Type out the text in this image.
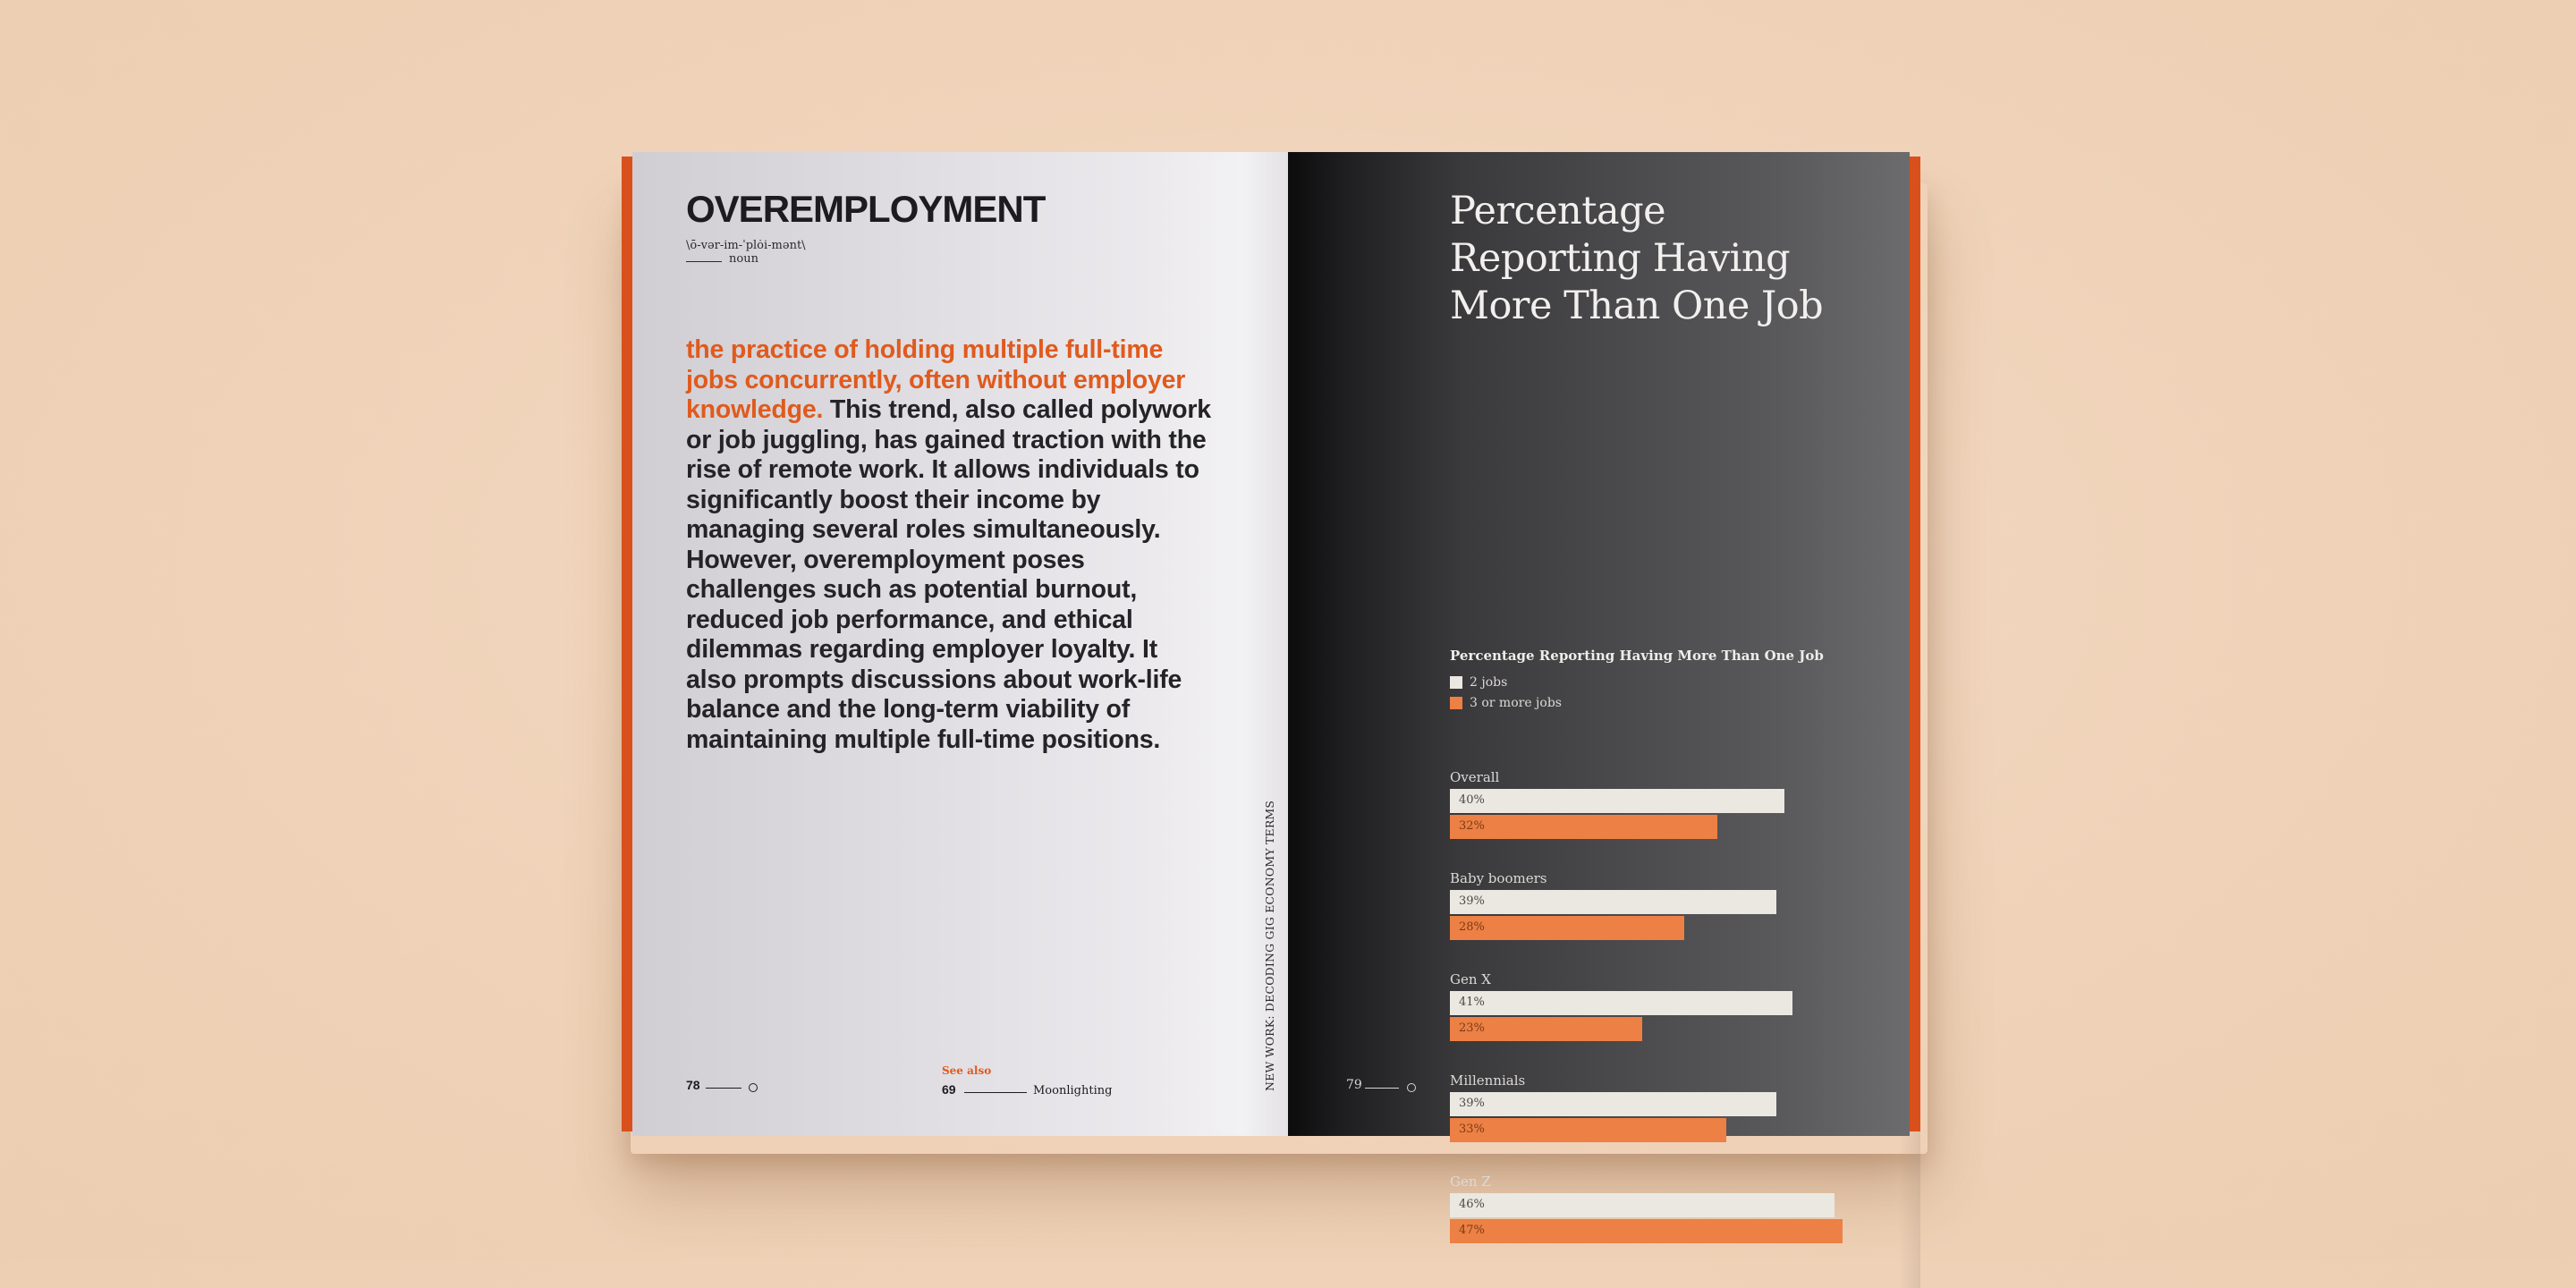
OVEREMPLOYMENT
\ō-vər-im-ˈplȯi-mənt\
noun

the practice of holding multiple full-time jobs concurrently, often without employer knowledge. This trend, also called polywork or job juggling, has gained traction with the rise of remote work. It allows individuals to significantly boost their income by managing several roles simultaneously. However, overemployment poses challenges such as potential burnout, reduced job performance, and ethical dilemmas regarding employer loyalty. It also prompts discussions about work-life balance and the long-term viability of maintaining multiple full-time positions.

78
See also
69	Moonlighting	NEW WORK: DECODING GIG ECONOMY TERMS
Percentage Reporting Having More Than One Job
Percentage Reporting Having More Than One Job
2 jobs
3 or more jobs
Overall
40%
32%
Baby boomers
39%
28%
Gen X
41%
23%
Millennials
39%
33%
Gen Z
46%
47%
79
